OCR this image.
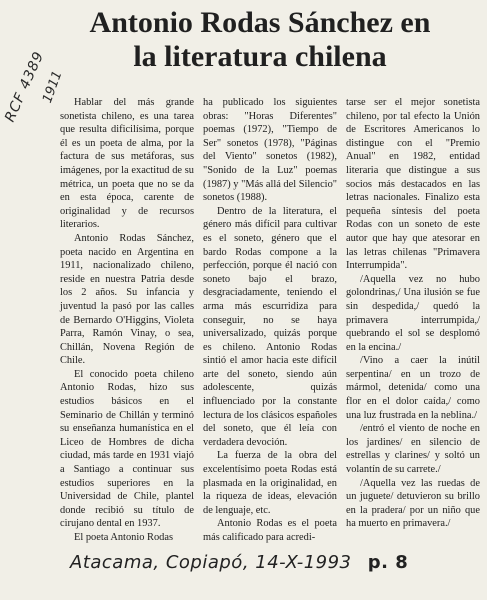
Antonio Rodas Sánchez en
la literatura chilena
RCF 4389
1911 Hablar del más grande sonetista chileno, es una tarea que resulta dificilísima, porque él es un poeta de alma, por la factura de sus metáforas, sus imágenes, por la exactitud de su métrica, un poeta que no se da en esta época, carente de originalidad y de recursos literarios.

Antonio Rodas Sánchez, poeta nacido en Argentina en 1911, nacionalizado chileno, reside en nuestra Patria desde los 2 años. Su infancia y juventud la pasó por las calles de Bernardo O'Higgins, Violeta Parra, Ramón Vinay, o sea, Chillán, Novena Región de Chile.

El conocido poeta chileno Antonio Rodas, hizo sus estudios básicos en el Seminario de Chillán y terminó su enseñanza humanística en el Liceo de Hombres de dicha ciudad, más tarde en 1931 viajó a Santiago a continuar sus estudios superiores en la Universidad de Chile, plantel donde recibió su título de cirujano dental en 1937.

El poeta Antonio Rodas

ha publicado los siguientes obras: "Horas Diferentes" poemas (1972), "Tiempo de Ser" sonetos (1978), "Páginas del Viento" sonetos (1982), "Sonido de la Luz" poemas (1987) y "Más allá del Silencio" sonetos (1988).

Dentro de la literatura, el género más difícil para cultivar es el soneto, género que el bardo Rodas compone a la perfección, porque él nació con soneto bajo el brazo, desgraciadamente, teniendo el arma más escurridiza para conseguir, no se haya universalizado, quizás porque es chileno. Antonio Rodas sintió el amor hacia este difícil arte del soneto, siendo aún adolescente, quizás influenciado por la constante lectura de los clásicos españoles del soneto, que él leía con verdadera devoción.

La fuerza de la obra del excelentísimo poeta Rodas está plasmada en la originalidad, en la riqueza de ideas, elevación de lenguaje, etc.

Antonio Rodas es el poeta más calificado para acredi-

tarse ser el mejor sonetista chileno, por tal efecto la Unión de Escritores Americanos lo distingue con el "Premio Anual" en 1982, entidad literaria que distingue a sus socios más destacados en las letras nacionales. Finalizo esta pequeña síntesis del poeta Rodas con un soneto de este autor que hay que atesorar en las letras chilenas "Primavera Interrumpida".

/Aquella vez no hubo golondrinas,/ Una ilusión se fue sin despedida,/ quedó la primavera interrumpida,/ quebrando el sol se desplomó en la encina./

/Vino a caer la inútil serpentina/ en un trozo de mármol, detenida/ como una flor en el dolor caída,/ como una luz frustrada en la neblina./

/entró el viento de noche en los jardines/ en silencio de estrellas y clarines/ y soltó un volantín de su carrete./

/Aquella vez las ruedas de un juguete/ detuvieron su brillo en la pradera/ por un niño que ha muerto en primavera./

Atacama, Copiapó, 14-X-1993 p. 8
